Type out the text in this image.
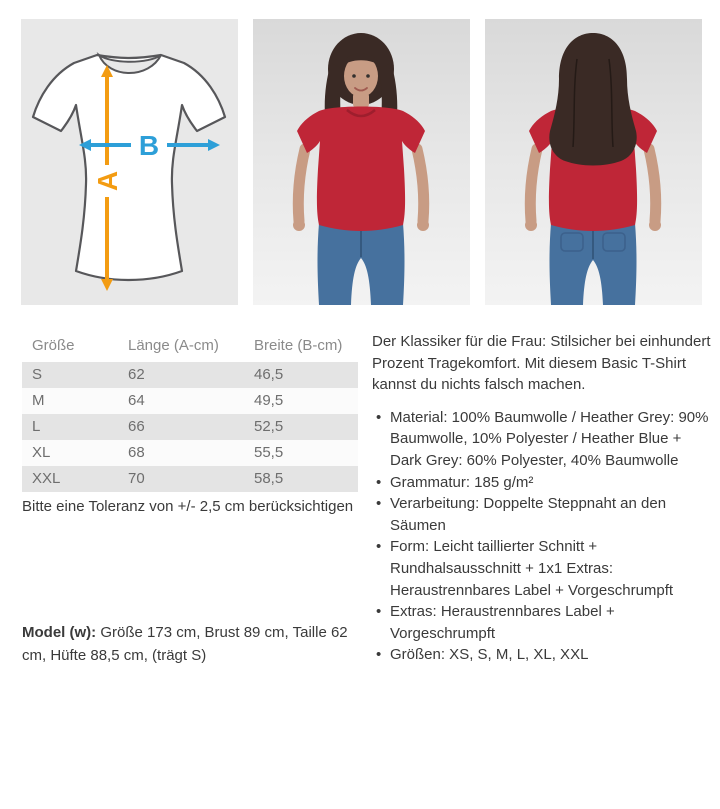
A
B
Größe	Länge (A-cm)	Breite (B-cm)
S	62	46,5
M	64	49,5
L	66	52,5
XL	68	55,5
XXL	70	58,5
Bitte eine Toleranz von +/- 2,5 cm berücksichtigen

Model (w): Größe 173 cm, Brust 89 cm, Taille 62 cm, Hüfte 88,5 cm, (trägt S)

Der Klassiker für die Frau: Stilsicher bei einhundert Prozent Tragekomfort. Mit diesem Basic T-Shirt kannst du nichts falsch machen.

• Material: 100% Baumwolle / Heather Grey: 90% Baumwolle, 10% Polyester / Heather Blue + Dark Grey: 60% Polyester, 40% Baumwolle
• Grammatur: 185 g/m²
• Verarbeitung: Doppelte Steppnaht an den Säumen
• Form: Leicht taillierter Schnitt + Rundhalsausschnitt + 1x1 Extras: Heraustrennbares Label + Vorgeschrumpft
• Extras: Heraustrennbares Label + Vorgeschrumpft
• Größen: XS, S, M, L, XL, XXL
